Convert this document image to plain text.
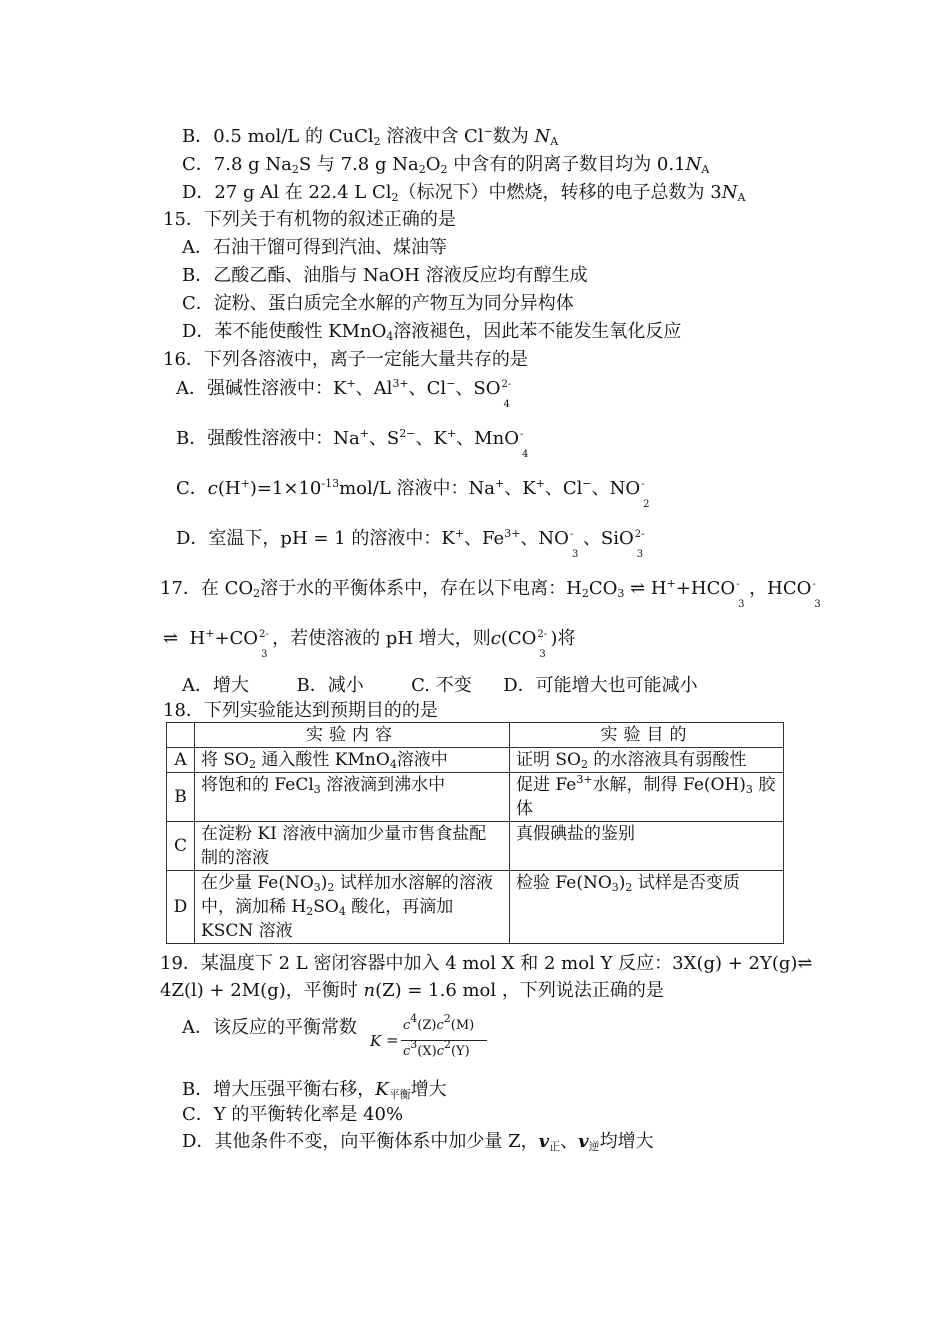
B．0.5 mol/L 的 CuCl$_2$ 溶液中含 Cl−数为 $N_A$
C．7.8 g $Na_2S$ 与 7.8 g $Na_2O_2$ 中含有的阴离子数目均为 $0.1N_A$
D．27 g Al 在 22.4 L $Cl_2$（标况下）中燃烧，转移的电子总数为 $3N_A$
15．下列关于有机物的叙述正确的是
A．石油干馏可得到汽油、煤油等
B．乙酸乙酯、油脂与 NaOH 溶液反应均有醇生成
C．淀粉、蛋白质完全水解的产物互为同分异构体
D．苯不能使酸性 KMnO$_4$溶液褪色，因此苯不能发生氧化反应
16．下列各溶液中，离子一定能大量共存的是
A．强碱性溶液中：K+、$Al^{3+}$、Cl−、SO 2-
4
B．强酸性溶液中：Na+、$S^{2-}$、K+、MnO -
4
C．$c(H^+)=1\times 10^{-13}mol/L$ 溶液中：Na+、K+、Cl−、NO -
2
D．室温下，pH = 1 的溶液中：K+、$Fe^{3+}$、NO -
3
、SiO 2-
3
17．在 $CO_2$溶于水的平衡体系中，存在以下电离：$H_2CO_3$ ⇌ H++HCO -
3
，HCO -
3
⇌  H++CO 2-
3
，若使溶液的 pH 增大，则c(CO 2-
3
)将
A．增大	B．减小	C. 不变 D．可能增大也可能减小
18．下列实验能达到预期目的的是
	实验内容	实验目的
A	将 $SO_2$ 通入酸性 KMnO$_4$溶液中	证明 $SO_2$ 的水溶液具有弱酸性
B	将饱和的 FeCl$_3$ 溶液滴到沸水中	促进 $Fe^{3+}$水解，制得 $Fe(OH)_3$ 胶体
C	在淀粉 KI 溶液中滴加少量市售食盐配制的溶液	真假碘盐的鉴别
D	在少量 $Fe(NO_3)_2$ 试样加水溶解的溶液中，滴加稀 $H_2SO_4$ 酸化，再滴加 KSCN 溶液	检验 $Fe(NO_3)_2$ 试样是否变质
19．某温度下 2 L 密闭容器中加入 4 mol X 和 2 mol Y 反应：3X(g) + 2Y(g)⇌
4Z(l) + 2M(g)，平衡时 n(Z) = 1.6 mol ，下列说法正确的是
A．该反应的平衡常数
K =
$c^4(Z)c^2(M)$
$c^3(X)c^2(Y)$
B．增大压强平衡右移，$K_{平衡}$增大
C．Y 的平衡转化率是 40%
D．其他条件不变，向平衡体系中加少量 Z，$v_正$、$v_逆$均增大
